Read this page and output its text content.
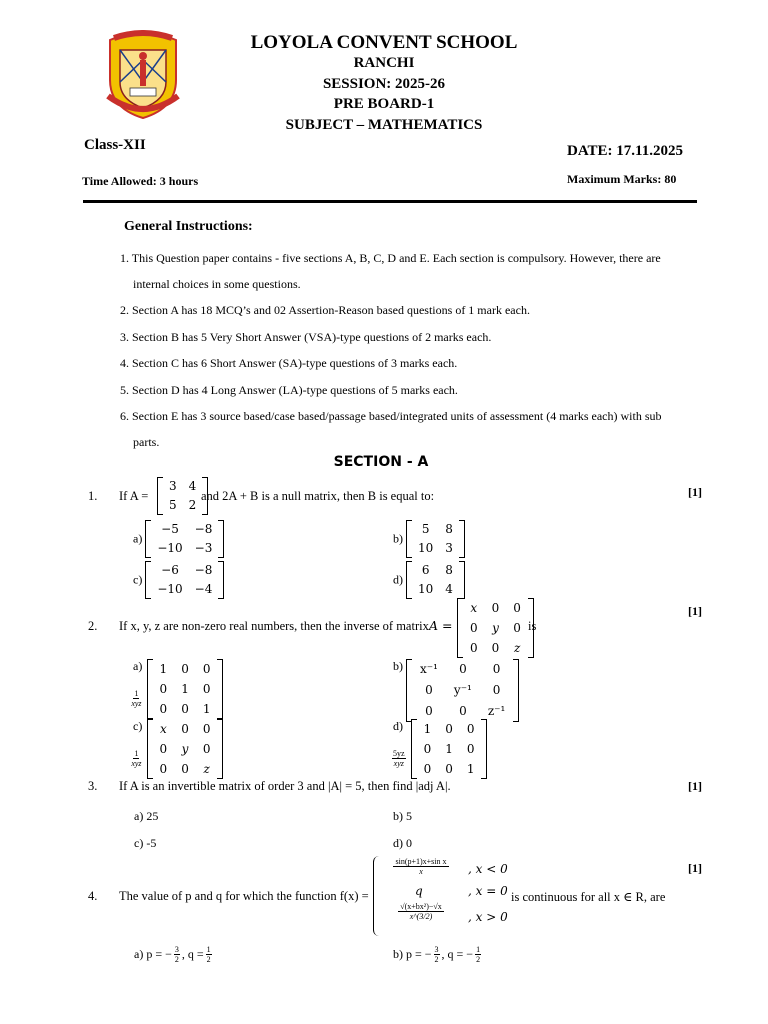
LOYOLA CONVENT SCHOOL
RANCHI
SESSION: 2025-26
PRE BOARD-1
SUBJECT – MATHEMATICS
Class-XII	DATE: 17.11.2025
Time Allowed: 3 hours	Maximum Marks: 80
General Instructions:
1. This Question paper contains - five sections A, B, C, D and E. Each section is compulsory. However, there are
internal choices in some questions.
2. Section A has 18 MCQ’s and 02 Assertion-Reason based questions of 1 mark each.
3. Section B has 5 Very Short Answer (VSA)-type questions of 2 marks each.
4. Section C has 6 Short Answer (SA)-type questions of 3 marks each.
5. Section D has 4 Long Answer (LA)-type questions of 5 marks each.
6. Section E has 3 source based/case based/passage based/integrated units of assessment (4 marks each) with sub
parts.
SECTION - A
1. If A =
3	4
5	2
and 2A + B is a null matrix, then B is equal to:	[1]
a)
−5	−8
−10	−3
b)
5	8
10	3
c)
−6	−8
−10	−4
d)
6	8
10	4
2. If x, y, z are non-zero real numbers, then the inverse of matrix A =
x	0	0
0	y	0
0	0	z
is
[1]
a)
$\frac{1}{\text{xyz}}$

1	0	0
0	1	0
0	0	1
b) x⁻¹	0	0
0	y⁻¹	0
0	0	z⁻¹
c)
$\frac{1}{\text{xyz}}$

x	0	0
0	y	0
0	0	z
d)
$\frac{5yz}{\text{xyz}}$

1	0	0
0	1	0
0	0	1
3. If A is an invertible matrix of order 3 and |A| = 5, then find |adj A|.	[1]
a) 25	b) 5
c) -5	d) 0
4. The value of p and q for which the function f(x) =
$\frac{\text{sin(p+1)x+sin x}}{x}$ , x < 0
q	, x = 0
$\frac{\text{√(x+bx²)−√x}}{x\^{}(3/2)}$ , x > 0
is continuous for all x ∈ R, are
[1]
a) p = − $\frac{3}{2}$ , $q = \frac{1}{2}$	b) p = − $\frac{3}{2}$ , q = − $\frac{1}{2}$
